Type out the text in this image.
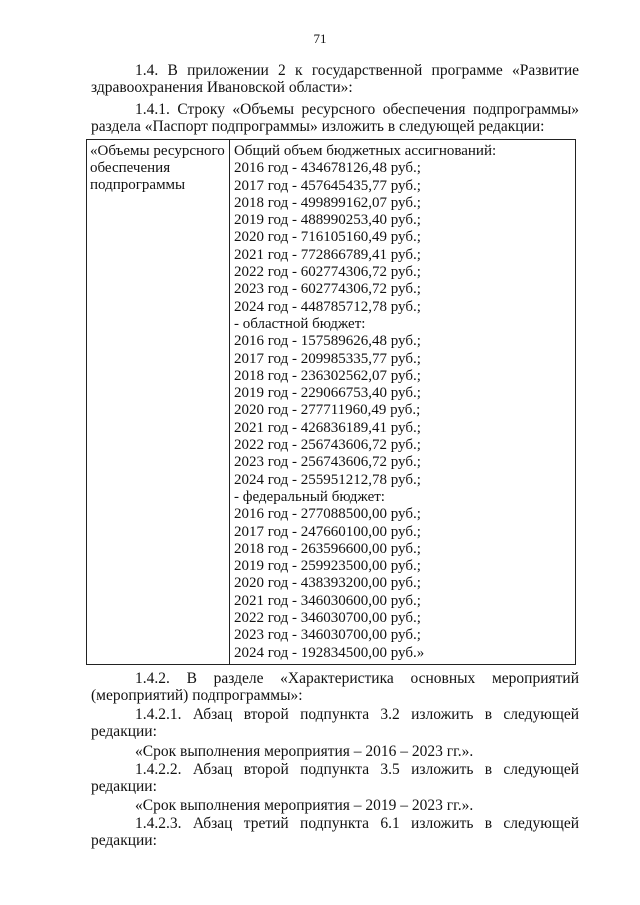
71

1.4. В приложении 2 к государственной программе «Развитие здравоохранения Ивановской области»:

1.4.1. Строку «Объемы ресурсного обеспечения подпрограммы» раздела «Паспорт подпрограммы» изложить в следующей редакции:

«Объемы ресурсного обеспечения подпрограммы
Общий объем бюджетных ассигнований:
2016 год - 434678126,48 руб.;
2017 год - 457645435,77 руб.;
2018 год - 499899162,07 руб.;
2019 год - 488990253,40 руб.;
2020 год - 716105160,49 руб.;
2021 год - 772866789,41 руб.;
2022 год - 602774306,72 руб.;
2023 год - 602774306,72 руб.;
2024 год - 448785712,78 руб.;
- областной бюджет:
2016 год - 157589626,48 руб.;
2017 год - 209985335,77 руб.;
2018 год - 236302562,07 руб.;
2019 год - 229066753,40 руб.;
2020 год - 277711960,49 руб.;
2021 год - 426836189,41 руб.;
2022 год - 256743606,72 руб.;
2023 год - 256743606,72 руб.;
2024 год - 255951212,78 руб.;
- федеральный бюджет:
2016 год - 277088500,00 руб.;
2017 год - 247660100,00 руб.;
2018 год - 263596600,00 руб.;
2019 год - 259923500,00 руб.;
2020 год - 438393200,00 руб.;
2021 год - 346030600,00 руб.;
2022 год - 346030700,00 руб.;
2023 год - 346030700,00 руб.;
2024 год - 192834500,00 руб.»

1.4.2. В разделе «Характеристика основных мероприятий

(мероприятий) подпрограммы»:

1.4.2.1. Абзац второй подпункта 3.2 изложить в следующей редакции:

«Срок выполнения мероприятия – 2016 – 2023 гг.».

1.4.2.2. Абзац второй подпункта 3.5 изложить в следующей редакции:

«Срок выполнения мероприятия – 2019 – 2023 гг.».

1.4.2.3. Абзац третий подпункта 6.1 изложить в следующей редакции:
